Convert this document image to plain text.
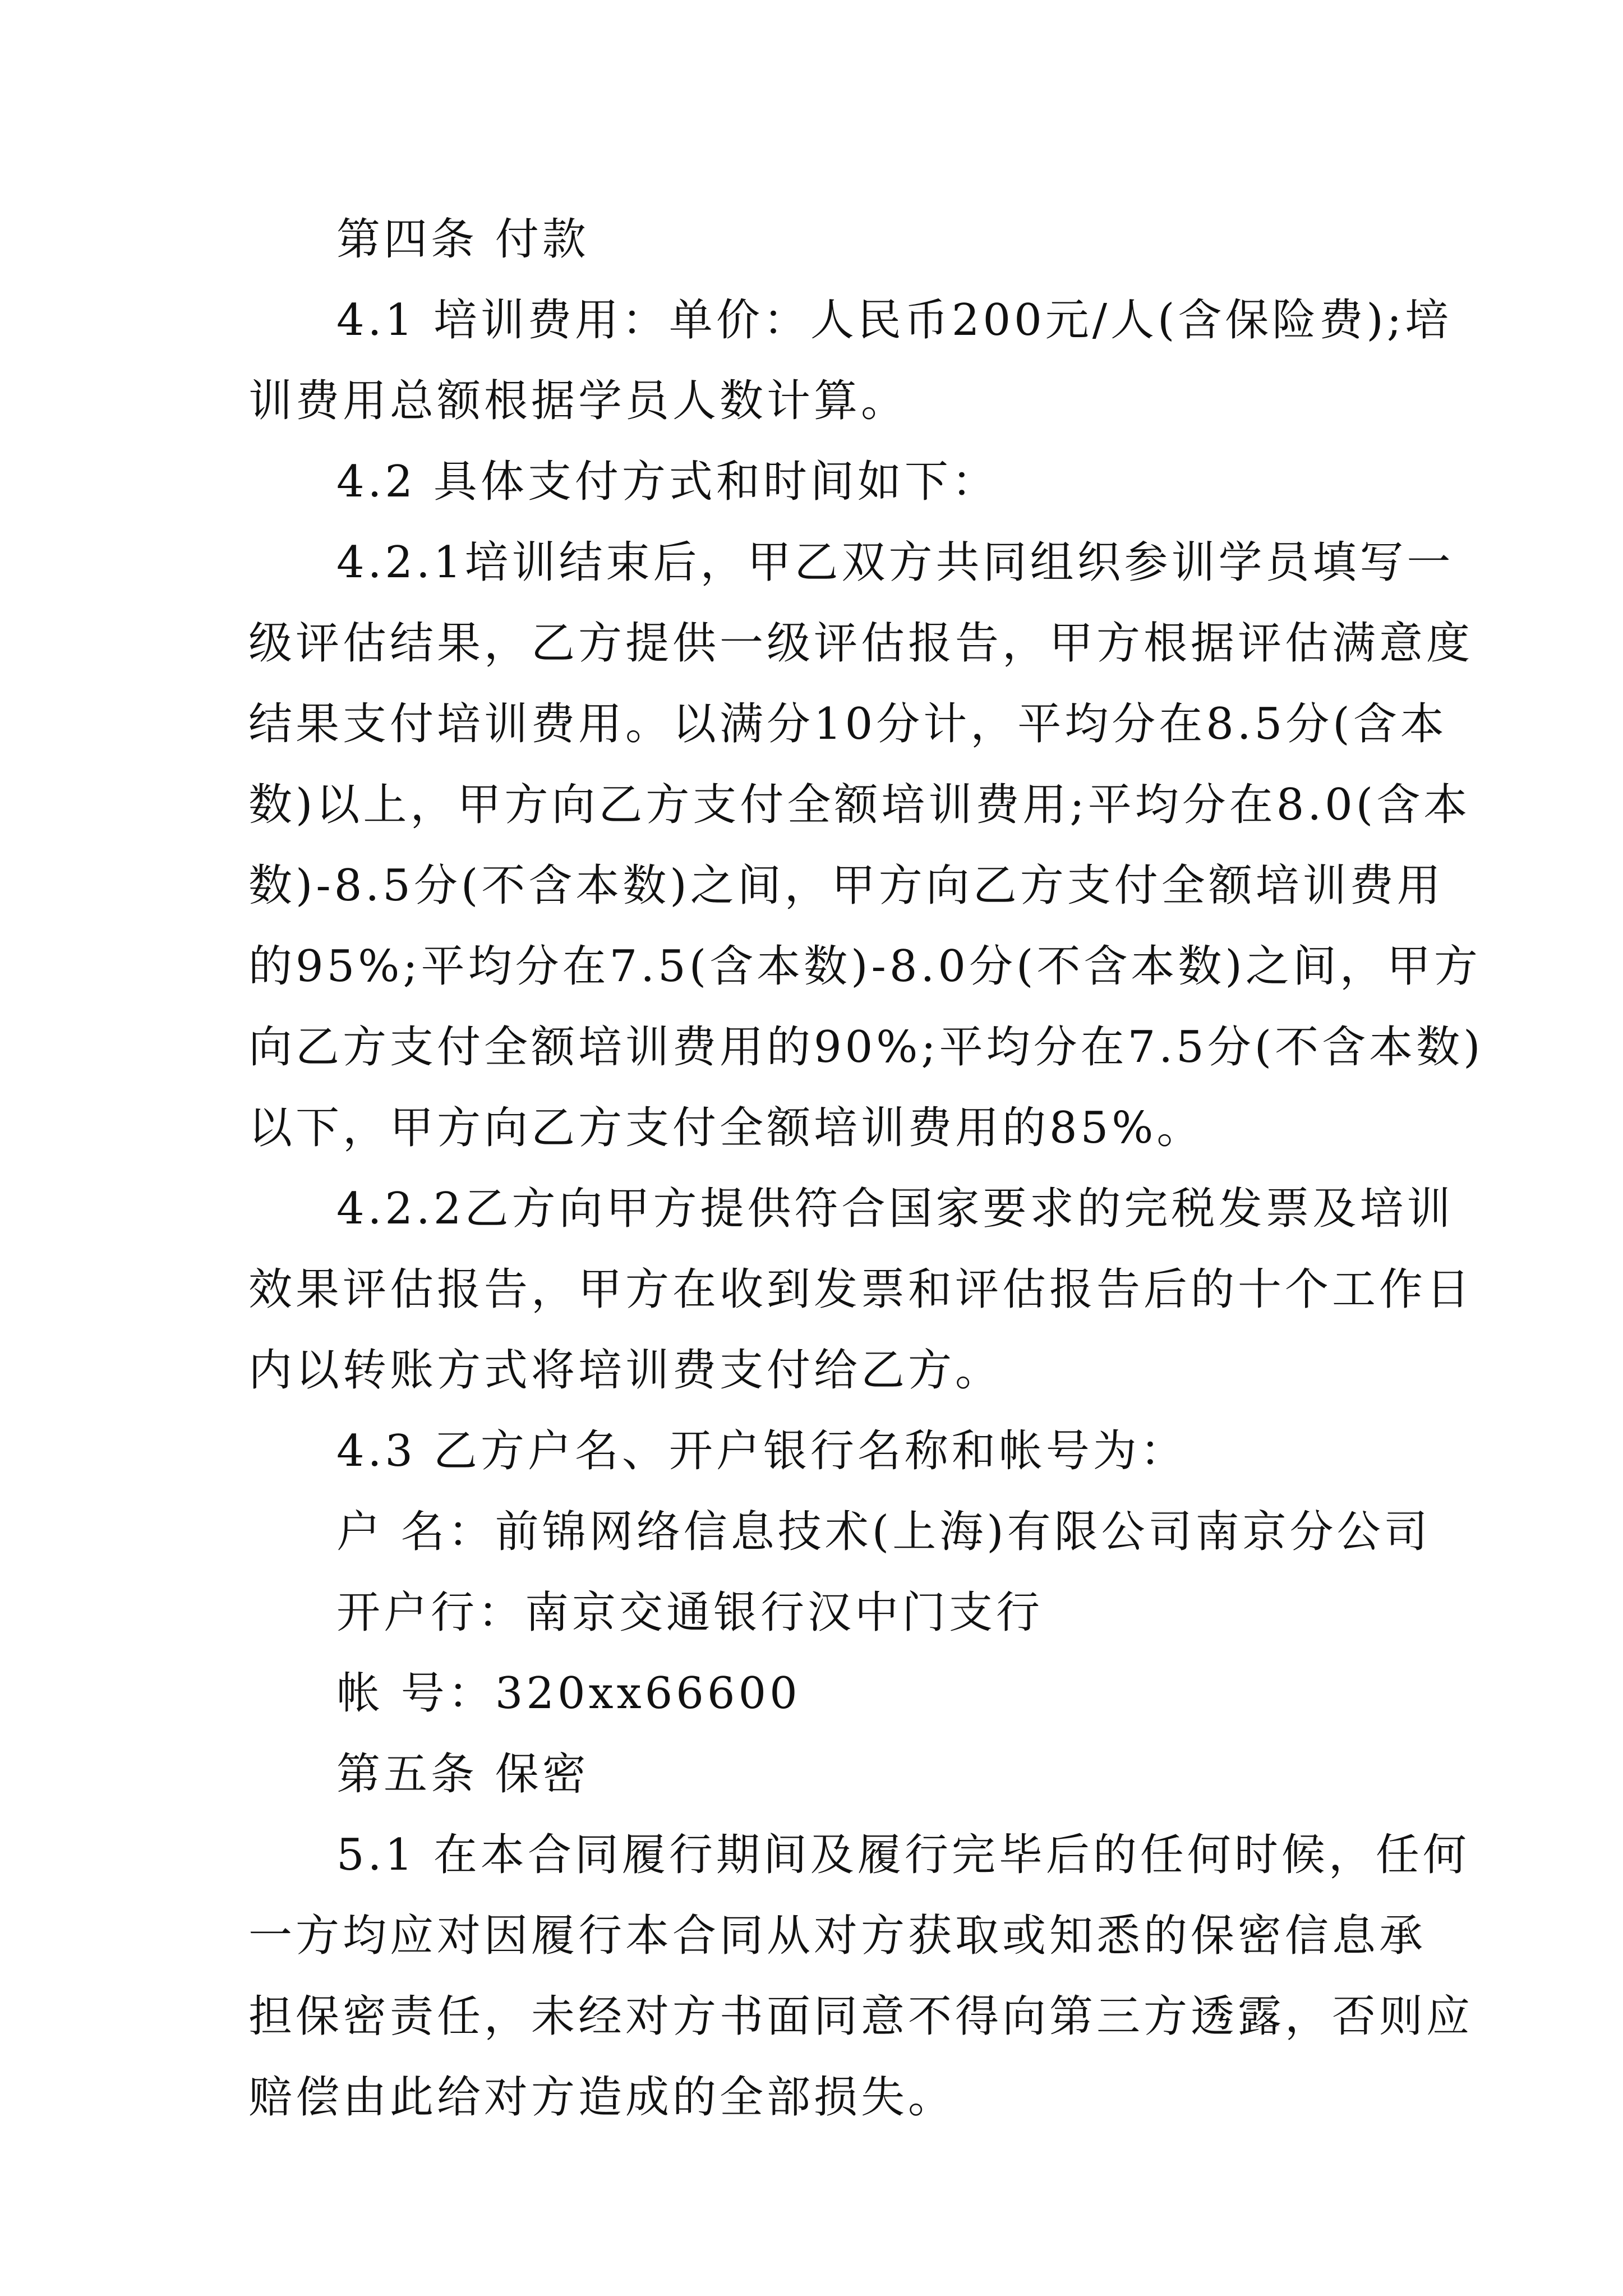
第四条 付款
4.1 培训费用：单价：人民币200元/人(含保险费);培
训费用总额根据学员人数计算。
4.2 具体支付方式和时间如下：
4.2.1培训结束后，甲乙双方共同组织参训学员填写一
级评估结果，乙方提供一级评估报告，甲方根据评估满意度
结果支付培训费用。以满分10分计，平均分在8.5分(含本
数)以上，甲方向乙方支付全额培训费用;平均分在8.0(含本
数)-8.5分(不含本数)之间，甲方向乙方支付全额培训费用
的95%;平均分在7.5(含本数)-8.0分(不含本数)之间，甲方
向乙方支付全额培训费用的90%;平均分在7.5分(不含本数)
以下，甲方向乙方支付全额培训费用的85%。
4.2.2乙方向甲方提供符合国家要求的完税发票及培训
效果评估报告，甲方在收到发票和评估报告后的十个工作日
内以转账方式将培训费支付给乙方。
4.3 乙方户名、开户银行名称和帐号为：
户 名：前锦网络信息技术(上海)有限公司南京分公司
开户行：南京交通银行汉中门支行
帐 号：320xx66600
第五条 保密
5.1 在本合同履行期间及履行完毕后的任何时候，任何
一方均应对因履行本合同从对方获取或知悉的保密信息承
担保密责任，未经对方书面同意不得向第三方透露，否则应
赔偿由此给对方造成的全部损失。
